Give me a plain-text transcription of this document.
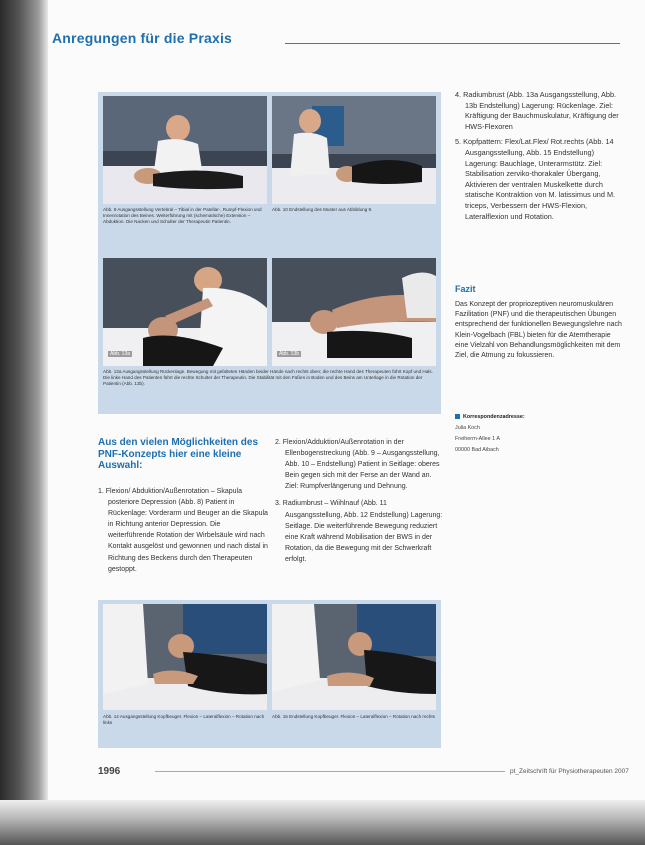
Anregungen für die Praxis
Abb. 9 Ausgangsstellung Vertebral – Tibial in der Patellar-, Rumpf-Flexion und Innenrotation des Beines. Weiterführung mit (schematische) Extension – Abduktion. Die Nacken und Schulter der Therapeutin Patientin.
Abb. 10 Endstellung des Muster aus Abbildung 9.
Abb. 13a	Abb. 13b
Abb. 13a Ausgangsstellung Rückenlage. Bewegung mit gefalteten Händen beider Hände nach rechts oben; die rechte Hand des Therapeuten führt Kopf und Hals. Die linke Hand des Patienten führt die rechte Schulter der Therapeutin. Die Stabilität mit den Füßen in Boden und des Beins am Unterlage in die Rotation der Patientin (Abb. 13b).

4. Radiumbrust (Abb. 13a Ausgangsstellung, Abb. 13b Endstellung) Lagerung: Rückenlage. Ziel: Kräftigung der Bauchmuskulatur, Kräftigung der HWS-Flexoren

5. Kopfpattern: Flex/Lat.Flex/ Rot.rechts (Abb. 14 Ausgangsstellung, Abb. 15 Endstellung) Lagerung: Bauchlage, Unterarmstütz. Ziel: Stabilisation zerviko-thorakaler Übergang, Aktivieren der ventralen Muskelkette durch statische Kontraktion von M. latissimus und M. triceps, Verbessern der HWS-Flexion, Lateralflexion und Rotation.

Fazit
Das Konzept der propriozeptiven neuromuskulären Fazilitation (PNF) und die therapeutischen Übungen entsprechend der funktionellen Bewegungslehre nach Klein-Vogelbach (FBL) bieten für die Atemtherapie eine Vielzahl von Behandlungsmöglichkeiten mit dem Ziel, die Atmung zu fokussieren.
Korrespondenzadresse:
Julia Koch
Freiherrn-Allee 1 A
00000 Bad Aibach
Aus den vielen Möglichkeiten des PNF-Konzepts hier eine kleine Auswahl:

1. Flexion/ Abduktion/Außenrotation – Skapula posteriore Depression (Abb. 8) Patient in Rückenlage: Vorderarm und Beuger an die Skapula in Richtung anterior Depression. Die weiterführende Rotation der Wirbelsäule wird nach Kontakt ausgelöst und gewonnen und nach distal in Richtung des Beckens durch den Therapeuten gestoppt.

2. Flexion/Adduktion/Außenrotation in der Ellenbogenstreckung (Abb. 9 – Ausgangsstellung, Abb. 10 – Endstellung) Patient in Seitlage: oberes Bein gegen sich mit der Ferse an der Wand an. Ziel: Rumpfverlängerung und Dehnung.

3. Radiumbrust – Wiihlnauf (Abb. 11 Ausgangsstellung, Abb. 12 Endstellung) Lagerung: Seitlage. Die weiterführende Bewegung reduziert eine Kraft während Mobilisation der BWS in der Rotation, da die Bewegung mit der Schwerkraft erfolgt.

Abb. 14 Ausgangsstellung Kopfbeuger. Flexion – Lateralflexion – Rotation nach links
Abb. 15 Endstellung Kopfbeuger. Flexion – Lateralflexion – Rotation nach rechts
1996	pt_Zeitschrift für Physiotherapeuten 2007
